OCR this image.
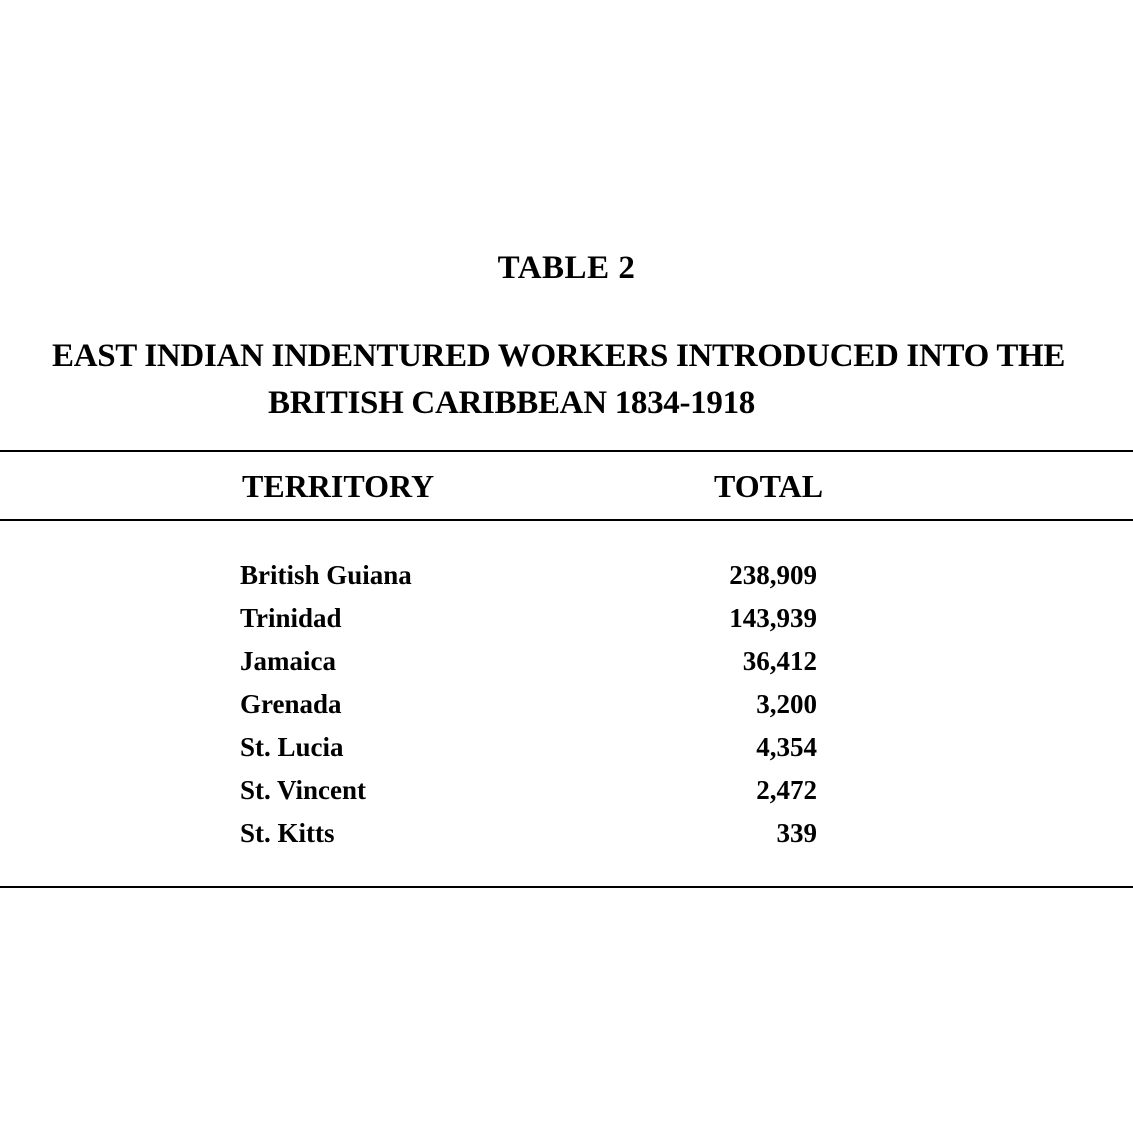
TABLE 2
EAST INDIAN INDENTURED WORKERS INTRODUCED INTO THE
BRITISH CARIBBEAN 1834-1918
TERRITORY	TOTAL
British Guiana	238,909
Trinidad	143,939
Jamaica	36,412
Grenada	3,200
St. Lucia	4,354
St. Vincent	2,472
St. Kitts	339
